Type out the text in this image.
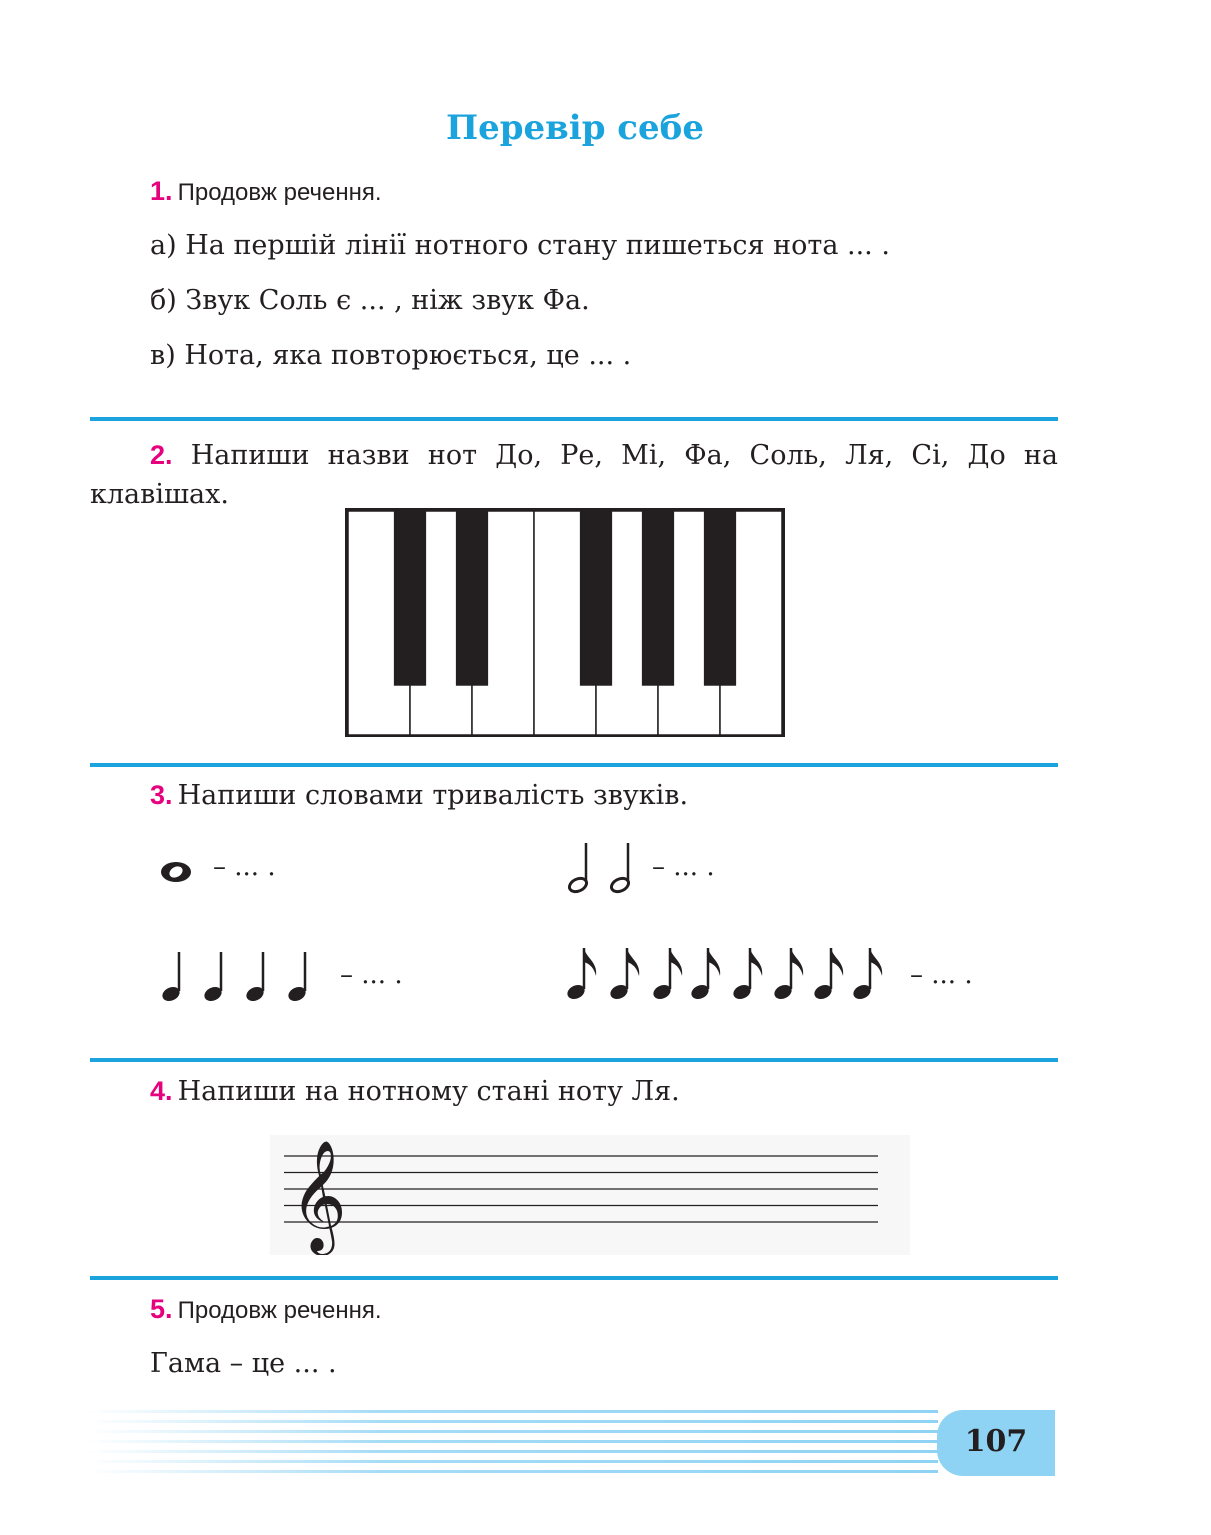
Перевір себе
1. Продовж речення.
а) На першій лінії нотного стану пишеться нота ... .
б) Звук Соль є ... , ніж звук Фа.
в) Нота, яка повторюється, це ... .
2. Напиши назви нот До, Ре, Мі, Фа, Соль, Ля, Сі, До на клавішах.
3. Напиши словами тривалість звуків.
– ... .	– ... .
– ... .	– ... .
4. Напиши на нотному стані ноту Ля.
𝄞
5. Продовж речення.
Гама – це ... .
107
